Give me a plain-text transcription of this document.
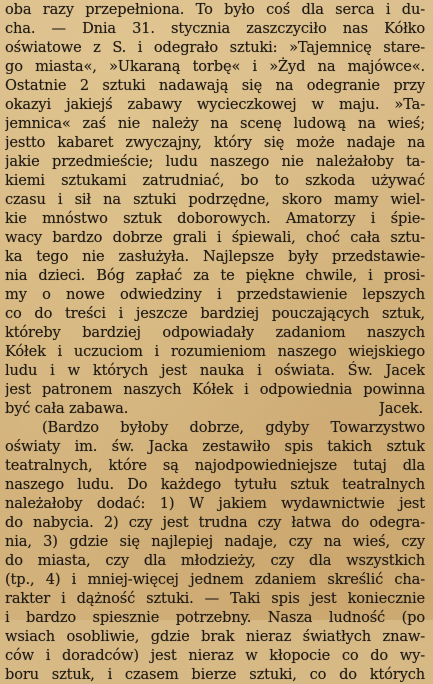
oba razy przepełniona. To było coś dla serca i du-
cha. — Dnia 31. stycznia zaszczyciło nas Kółko
oświatowe z S. i odegrało sztuki: »Tajemnicę stare-
go miasta«, »Ukaraną torbę« i »Żyd na majówce«.
Ostatnie 2 sztuki nadawają się na odegranie przy
okazyi jakiejś zabawy wycieczkowej w maju. »Ta-
jemnica« zaś nie należy na scenę ludową na wieś;
jestto kabaret zwyczajny, który się może nadaje na
jakie przedmieście; ludu naszego nie należałoby ta-
kiemi sztukami zatrudniać, bo to szkoda używać
czasu i sił na sztuki podrzędne, skoro mamy wiel-
kie mnóstwo sztuk doborowych. Amatorzy i śpie-
wacy bardzo dobrze grali i śpiewali, choć cała sztu-
ka tego nie zasłużyła. Najlepsze były przedstawie-
nia dzieci. Bóg zapłać za te piękne chwile, i prosi-
my o nowe odwiedziny i przedstawienie lepszych
co do treści i jeszcze bardziej pouczających sztuk,
któreby bardziej odpowiadały zadaniom naszych
Kółek i uczuciom i rozumieniom naszego wiejskiego
ludu i w których jest nauka i oświata. Św. Jacek
jest patronem naszych Kółek i odpowiednia powinna
być cała zabawa.	Jacek.
(Bardzo byłoby dobrze, gdyby Towarzystwo
oświaty im. św. Jacka zestawiło spis takich sztuk
teatralnych, które są najodpowiedniejsze tutaj dla
naszego ludu. Do każdego tytułu sztuk teatralnych
należałoby dodać: 1) W jakiem wydawnictwie jest
do nabycia. 2) czy jest trudna czy łatwa do odegra-
nia, 3) gdzie się najlepiej nadaje, czy na wieś, czy
do miasta, czy dla młodzieży, czy dla wszystkich
(tp., 4) i mniej-więcej jednem zdaniem skreślić cha-
rakter i dążność sztuki. — Taki spis jest koniecznie
i bardzo spiesznie potrzebny. Nasza ludność (po
wsiach osobliwie, gdzie brak nieraz światłych znaw-
ców i doradców) jest nieraz w kłopocie co do wy-
boru sztuk, i czasem bierze sztuki, co do których
